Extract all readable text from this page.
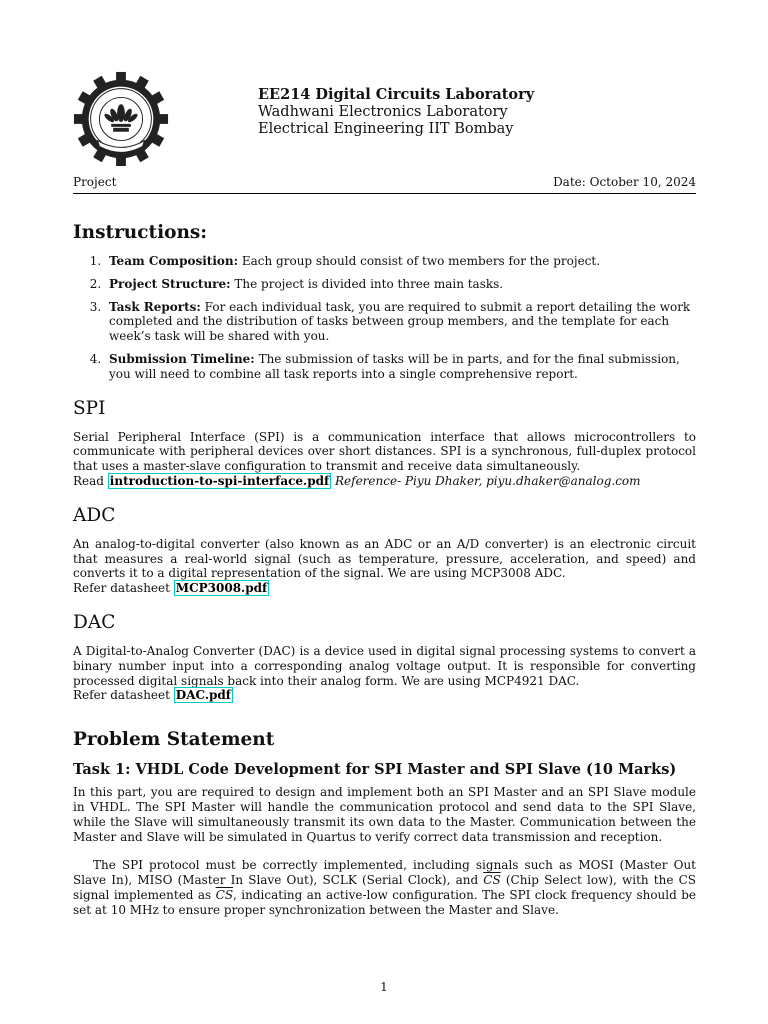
EE214 Digital Circuits Laboratory
Wadhwani Electronics Laboratory
Electrical Engineering IIT Bombay
Project	Date: October 10, 2024
Instructions:
1. Team Composition: Each group should consist of two members for the project.
2. Project Structure: The project is divided into three main tasks.
3. Task Reports: For each individual task, you are required to submit a report detailing the work completed and the distribution of tasks between group members, and the template for each week’s task will be shared with you.
4. Submission Timeline: The submission of tasks will be in parts, and for the final submission, you will need to combine all task reports into a single comprehensive report.
SPI

Serial Peripheral Interface (SPI) is a communication interface that allows microcontrollers to communicate with peripheral devices over short distances. SPI is a synchronous, full-duplex protocol that uses a master-slave configuration to transmit and receive data simultaneously.

Read introduction-to-spi-interface.pdf Reference- Piyu Dhaker, piyu.dhaker@analog.com

ADC

An analog-to-digital converter (also known as an ADC or an A/D converter) is an electronic circuit that measures a real-world signal (such as temperature, pressure, acceleration, and speed) and converts it to a digital representation of the signal. We are using MCP3008 ADC.

Refer datasheet MCP3008.pdf

DAC

A Digital-to-Analog Converter (DAC) is a device used in digital signal processing systems to convert a binary number input into a corresponding analog voltage output. It is responsible for converting processed digital signals back into their analog form. We are using MCP4921 DAC.

Refer datasheet DAC.pdf

Problem Statement
Task 1: VHDL Code Development for SPI Master and SPI Slave (10 Marks)

In this part, you are required to design and implement both an SPI Master and an SPI Slave module in VHDL. The SPI Master will handle the communication protocol and send data to the SPI Slave, while the Slave will simultaneously transmit its own data to the Master. Communication between the Master and Slave will be simulated in Quartus to verify correct data transmission and reception.

The SPI protocol must be correctly implemented, including signals such as MOSI (Master Out Slave In), MISO (Master In Slave Out), SCLK (Serial Clock), and $\overline{CS}$ (Chip Select low), with the CS signal implemented as $\overline{CS}$, indicating an active-low configuration. The SPI clock frequency should be set at 10 MHz to ensure proper synchronization between the Master and Slave.

1
